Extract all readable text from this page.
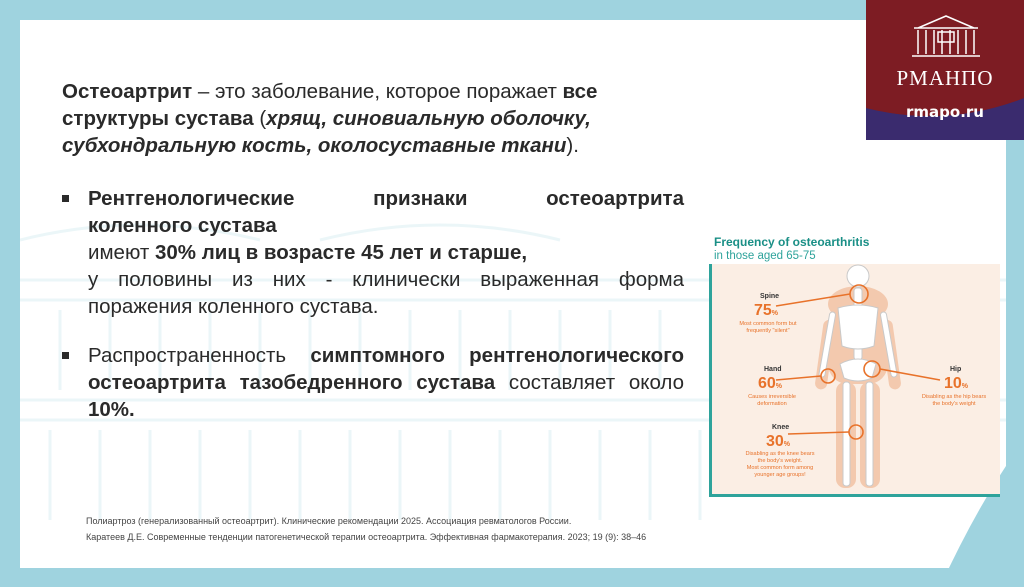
РМАНПО
rmapo.ru
Остеоартрит – это заболевание, которое поражает все структуры сустава (хрящ, синовиальную оболочку, субхондральную кость, околосуставные ткани).
Рентгенологические признаки остеоартрита
коленного сустава
имеют 30% лиц в возрасте 45 лет и старше,
у половины из них - клинически выраженная форма поражения коленного сустава.
Распространенность симптомного рентгенологического остеоартрита тазобедренного сустава составляет около 10%.
Полиартроз (генерализованный остеоартрит). Клинические рекомендации 2025. Ассоциация ревматологов России.
Каратеев Д.Е. Современные тенденции патогенетической терапии остеоартрита. Эффективная фармакотерапия. 2023; 19 (9): 38–46
Frequency of osteoarthritis
in those aged 65-75
Spine
75%
Most common form but
frequently "silent"
Hand
60%
Causes irreversible
deformation
Hip
10%
Disabling as the hip bears
the body's weight
Knee
30%
Disabling as the knee bears
the body's weight.
Most common form among
younger age groups!
